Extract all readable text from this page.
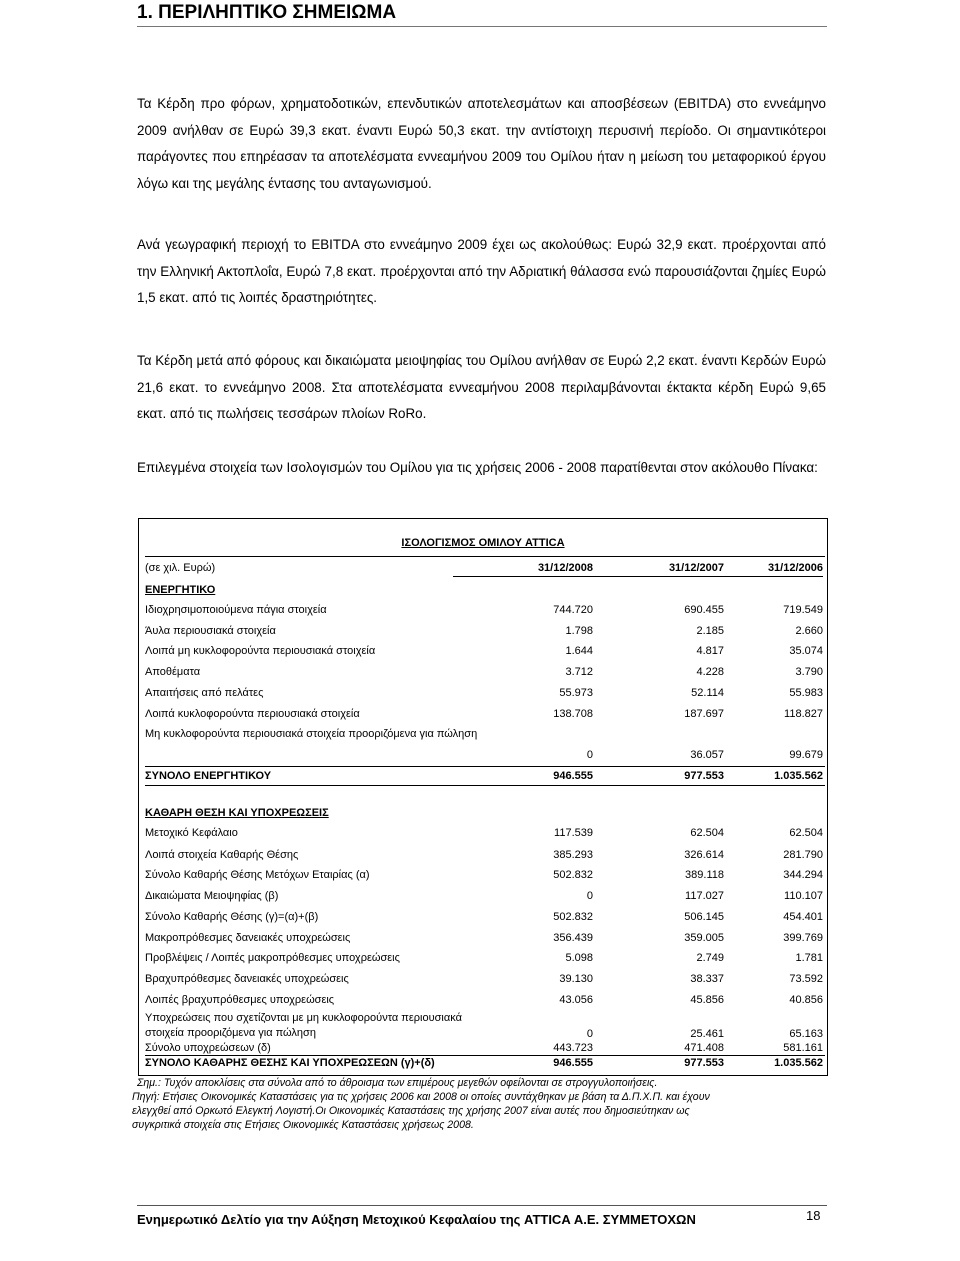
1. ΠΕΡΙΛΗΠΤΙΚΟ ΣΗΜΕΙΩΜΑ

Τα Κέρδη προ φόρων, χρηματοδοτικών, επενδυτικών αποτελεσμάτων και αποσβέσεων (EBITDA) στο εννεάμηνο 2009 ανήλθαν σε Ευρώ 39,3 εκατ. έναντι Ευρώ 50,3 εκατ. την αντίστοιχη περυσινή περίοδο. Οι σημαντικότεροι παράγοντες που επηρέασαν τα αποτελέσματα εννεαμήνου 2009 του Ομίλου ήταν η μείωση του μεταφορικού έργου λόγω και της μεγάλης έντασης του ανταγωνισμού.

Ανά γεωγραφική περιοχή το EBITDA στο εννεάμηνο 2009 έχει ως ακολούθως: Ευρώ 32,9 εκατ. προέρχονται από την Ελληνική Ακτοπλοΐα, Ευρώ 7,8 εκατ. προέρχονται από την Αδριατική θάλασσα ενώ παρουσιάζονται ζημίες Ευρώ 1,5 εκατ. από τις λοιπές δραστηριότητες.

Τα Κέρδη μετά από φόρους και δικαιώματα μειοψηφίας του Ομίλου ανήλθαν σε Ευρώ 2,2 εκατ. έναντι Κερδών Ευρώ 21,6 εκατ. το εννεάμηνο 2008. Στα αποτελέσματα εννεαμήνου 2008 περιλαμβάνονται έκτακτα κέρδη Ευρώ 9,65 εκατ. από τις πωλήσεις τεσσάρων πλοίων RoRo.

Επιλεγμένα στοιχεία των Ισολογισμών του Ομίλου για τις χρήσεις 2006 - 2008 παρατίθενται στον ακόλουθο Πίνακα:

ΙΣΟΛΟΓΙΣΜΟΣ ΟΜΙΛΟΥ ATTICA
(σε χιλ. Ευρώ)	31/12/2008	31/12/2007	31/12/2006
ΕΝΕΡΓΗΤΙΚΟ
Ιδιοχρησιμοποιούμενα πάγια στοιχεία	744.720	690.455	719.549
Άυλα περιουσιακά στοιχεία	1.798	2.185	2.660
Λοιπά μη κυκλοφορούντα περιουσιακά στοιχεία	1.644	4.817	35.074
Αποθέματα	3.712	4.228	3.790
Απαιτήσεις από πελάτες	55.973	52.114	55.983
Λοιπά κυκλοφορούντα περιουσιακά στοιχεία	138.708	187.697	118.827
Μη κυκλοφορούντα περιουσιακά στοιχεία προοριζόμενα για πώληση
0	36.057	99.679
ΣΥΝΟΛΟ ΕΝΕΡΓΗΤΙΚΟΥ	946.555	977.553	1.035.562
ΚΑΘΑΡΗ ΘΕΣΗ ΚΑΙ ΥΠΟΧΡΕΩΣΕΙΣ
Μετοχικό Κεφάλαιο	117.539	62.504	62.504
Λοιπά στοιχεία Καθαρής Θέσης	385.293	326.614	281.790
Σύνολο Καθαρής Θέσης Μετόχων Εταιρίας (α)	502.832	389.118	344.294
Δικαιώματα Μειοψηφίας (β)	0	117.027	110.107
Σύνολο Καθαρής Θέσης (γ)=(α)+(β)	502.832	506.145	454.401
Μακροπρόθεσμες δανειακές υποχρεώσεις	356.439	359.005	399.769
Προβλέψεις / Λοιπές μακροπρόθεσμες υποχρεώσεις	5.098	2.749	1.781
Βραχυπρόθεσμες δανειακές υποχρεώσεις	39.130	38.337	73.592
Λοιπές βραχυπρόθεσμες υποχρεώσεις	43.056	45.856	40.856
Υποχρεώσεις που σχετίζονται με μη κυκλοφορούντα περιουσιακά στοιχεία προοριζόμενα για πώληση	0	25.461	65.163
Σύνολο υποχρεώσεων (δ)	443.723	471.408	581.161
ΣΥΝΟΛΟ ΚΑΘΑΡΗΣ ΘΕΣΗΣ ΚΑΙ ΥΠΟΧΡΕΩΣΕΩΝ (γ)+(δ)	946.555	977.553	1.035.562

Σημ.: Τυχόν αποκλίσεις στα σύνολα από το άθροισμα των επιμέρους μεγεθών οφείλονται σε στρογγυλοποιήσεις.

Πηγή: Ετήσιες Οικονομικές Καταστάσεις για τις χρήσεις 2006 και 2008 οι οποίες συντάχθηκαν με βάση τα Δ.Π.Χ.Π. και έχουν ελεγχθεί από Ορκωτό Ελεγκτή Λογιστή.Οι Οικονομικές Καταστάσεις της χρήσης 2007 είναι αυτές που δημοσιεύτηκαν ως συγκριτικά στοιχεία στις Ετήσιες Οικονομικές Καταστάσεις χρήσεως 2008.

Ενημερωτικό Δελτίο για την Αύξηση Μετοχικού Κεφαλαίου της ATTICA Α.Ε. ΣΥΜΜΕΤΟΧΩΝ	18
